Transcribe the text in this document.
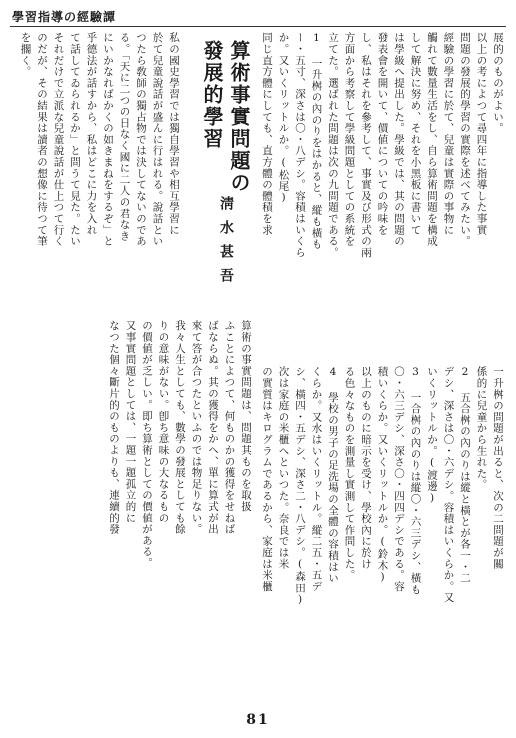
學習指導の經驗譚
私の國史學習では獨自學習や相互學習に
於て兒童說話が盛んに行はれる。說話とい
つたら敎師の獨占物では決してないのであ
る。「天に二つの日なく國に二人の君なき
にいかなればかくの如きまねをするぞ」と
乎德法が話すから、私はどこに力を入れ
て話してゐられるか」と問うて見た。たい
それだけで立派な兒童說話が仕上つて行く
のだが、その結果は讀者の想像に待つて筆
を擱く。	算術事實問題の
發展的學習
淸水甚吾
算術の事實問題は、問題其ものを取扱
ふことによつて、何ものかの獲得をせねば
ばならぬ。其の獲得をかへ、單に算式が出
來て答が合つたといふのでは物足りない。
我々人生としても、數學の發展としても餘
りの意味がない。卽ち意味の大なるもの
の價値が乏しい。即ち算術としての價値がある。
又事實問題としては、一題一題孤立的に
なつた個々斷片的のものよりも、連續的發
展的のものがよい。
以上の考によつて尋四年に指導した事實
問題の發展的學習の實際を述べてみたい。
經驗の學習に於て、兒童は實際の事物に
觸れて數量生活をし、自ら算術問題を構成
して解決に努め、それを小黑板に書いて
は學級へ提出した。學級では、其の問題の
發表會を開いて、價値についての吟味を
し、私はそれを參考して、事實及び形式の兩
方面から考察して學級問題としての系統を
立てた。選ばれた問題は次の九問題である。
1 一升桝の內のりをはかると、縱も橫も
ー・五寸、深さは〇・八デシ。容積はいくら
か。又いくリットルか。(松尾)
同じ直方體にしても、直方體の體積を求

一升桝の問題が出ると、次の二問題が關
係的に兒童から生れた。
2 五合桝の內のりは縱と橫とが各一・二
デシ、深さは〇・六デシ。容積はいくらか。又
いくリットルか。(渡邊)
3 一合桝の內のりは縱〇・六三デシ、橫も
〇・六三デシ、深さ〇・四四デシである。容
積いくらか。又いくリットルか。(鈴木)
以上のものに暗示を受け、學校內に於け
る色々なものを測量し實測して作問した。
4 學校の男子の足洗場の全體の容積はい
くらか。又水はいくリットル。縱二五・五デ
シ、橫四・五デシ、深さ二・八デシ。(森田)
次は家庭の米櫃へといつた。奈良では米
の實質はキログラムであるから、家庭は米櫃

81
